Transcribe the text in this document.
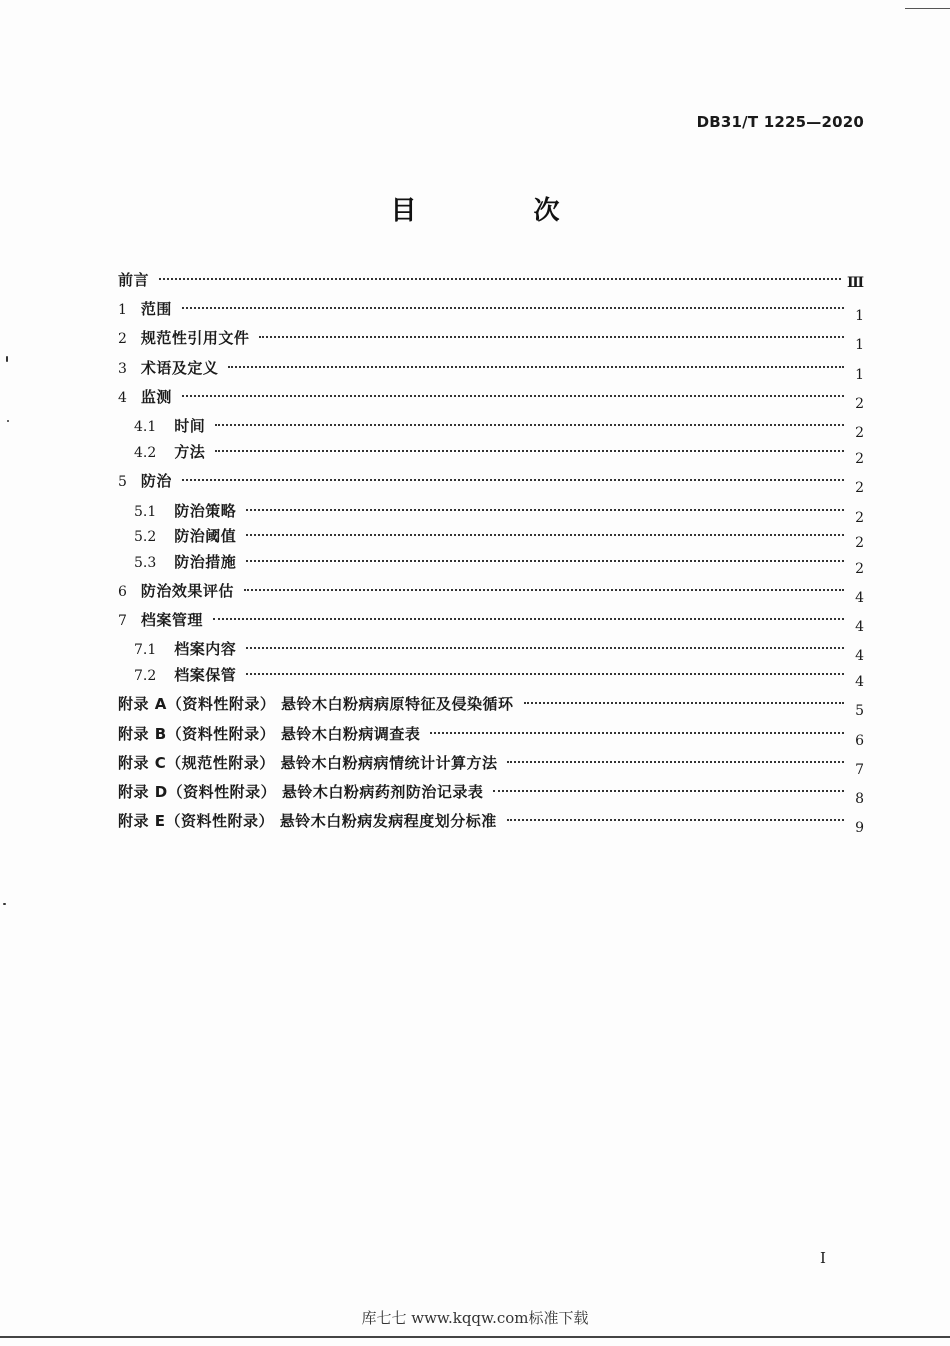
DB31/T 1225—2020
目 次
前言	Ⅲ
1 范围	1
2 规范性引用文件	1
3 术语及定义	1
4 监测	2
4.1 时间	2
4.2 方法	2
5 防治	2
5.1 防治策略	2
5.2 防治阈值	2
5.3 防治措施	2
6 防治效果评估	4
7 档案管理	4
7.1 档案内容	4
7.2 档案保管	4
附录 A（资料性附录） 悬铃木白粉病病原特征及侵染循环	5
附录 B（资料性附录） 悬铃木白粉病调查表	6
附录 C（规范性附录） 悬铃木白粉病病情统计计算方法	7
附录 D（资料性附录） 悬铃木白粉病药剂防治记录表	8
附录 E（资料性附录） 悬铃木白粉病发病程度划分标准	9
I
库七七 www.kqqw.com标准下载
